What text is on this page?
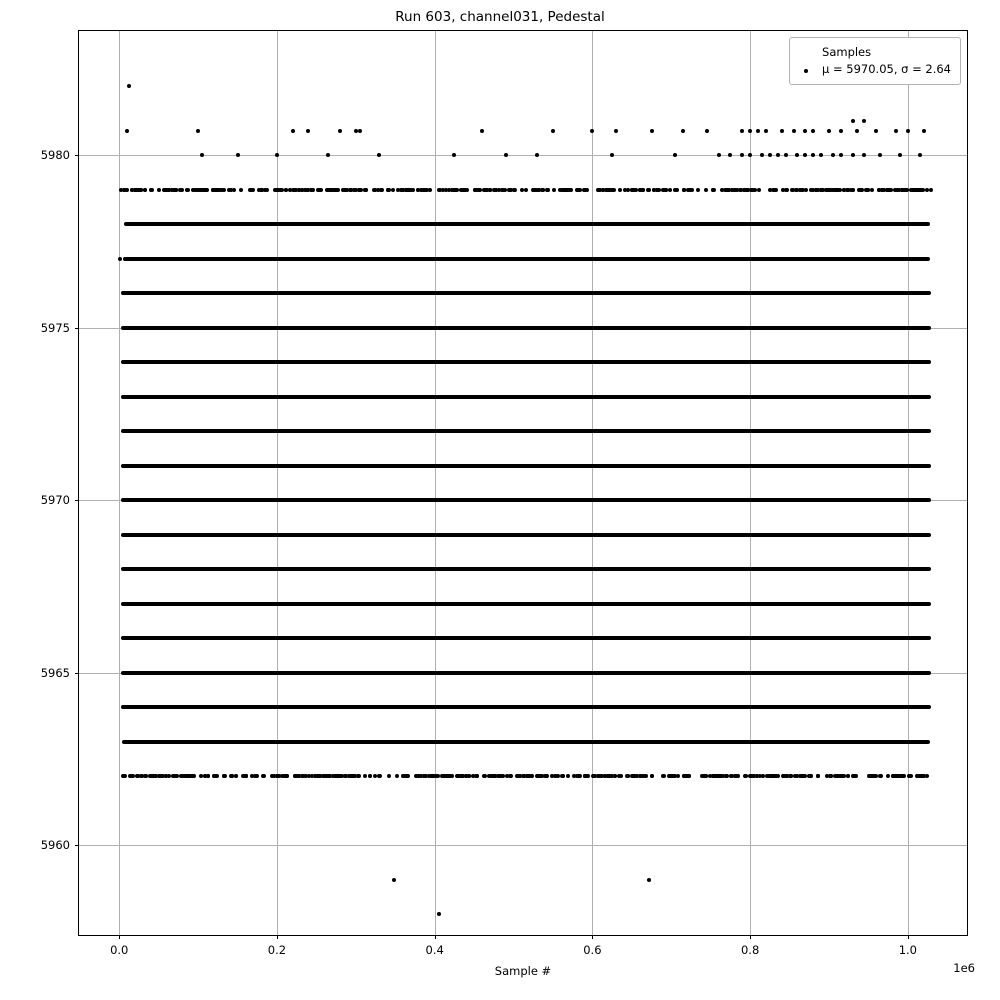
Run 603, channel031, Pedestal
Samples
μ = 5970.05, σ = 2.64
1e6
0.0	0.2	0.4	0.6	0.8	1.0
5960
5965
5970
5975
5980
Sample #
